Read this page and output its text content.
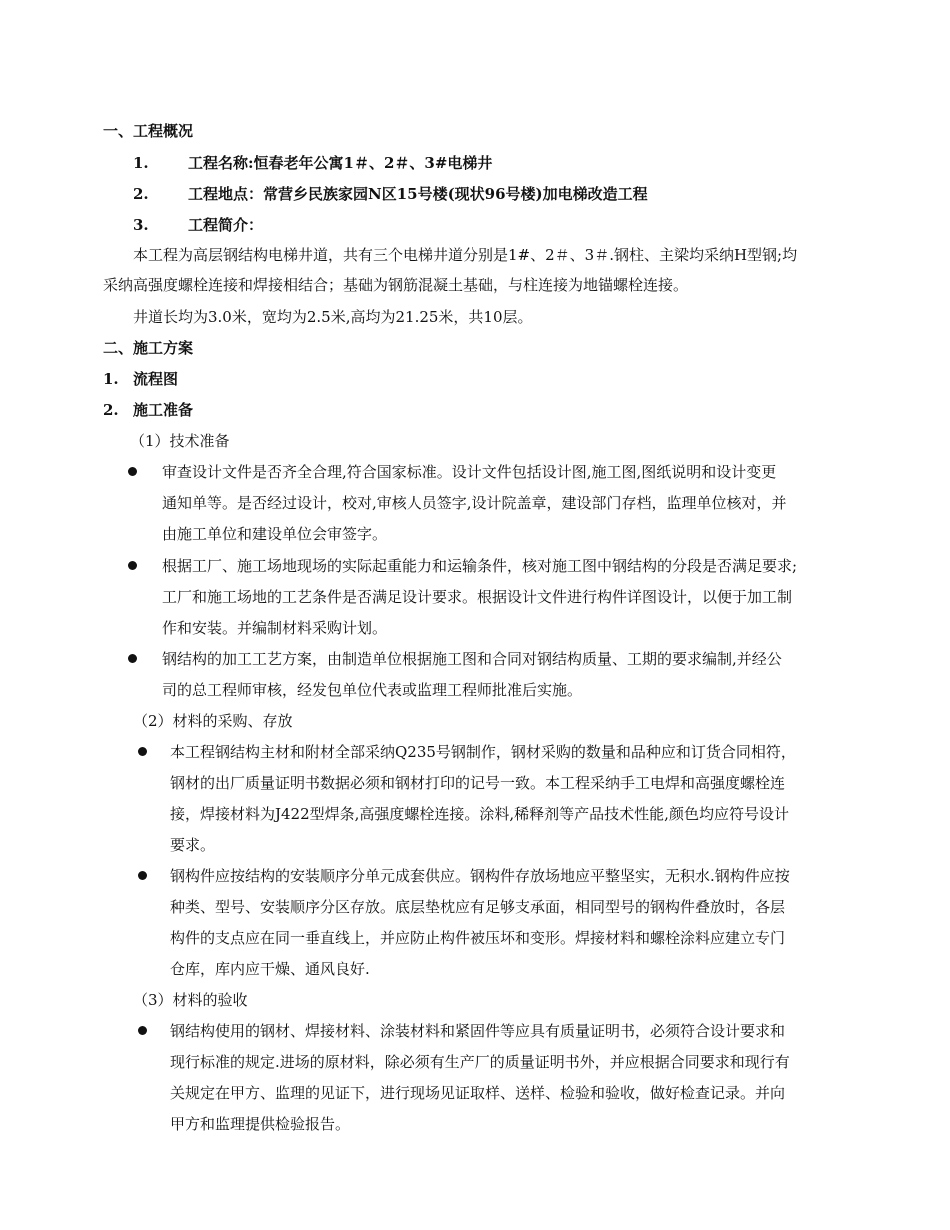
一、工程概况
1.	工程名称:恒春老年公寓1＃、2＃、3#电梯井
2.	工程地点：常营乡民族家园N区15号楼(现状96号楼)加电梯改造工程
3.	工程简介：
本工程为高层钢结构电梯井道，共有三个电梯井道分别是1#、2＃、3＃.钢柱、主梁均采纳H型钢;均
采纳高强度螺栓连接和焊接相结合；基础为钢筋混凝土基础，与柱连接为地锚螺栓连接。
井道长均为3.0米，宽均为2.5米,高均为21.25米，共10层。
二、施工方案
1. 流程图
2. 施工准备
（1）技术准备
审查设计文件是否齐全合理,符合国家标准。设计文件包括设计图,施工图,图纸说明和设计变更
通知单等。是否经过设计，校对,审核人员签字,设计院盖章，建设部门存档，监理单位核对，并
由施工单位和建设单位会审签字。
根据工厂、施工场地现场的实际起重能力和运输条件，核对施工图中钢结构的分段是否满足要求;
工厂和施工场地的工艺条件是否满足设计要求。根据设计文件进行构件详图设计，以便于加工制
作和安装。并编制材料采购计划。
钢结构的加工工艺方案，由制造单位根据施工图和合同对钢结构质量、工期的要求编制,并经公
司的总工程师审核，经发包单位代表或监理工程师批准后实施。
（2）材料的采购、存放
本工程钢结构主材和附材全部采纳Q235号钢制作，钢材采购的数量和品种应和订货合同相符，
钢材的出厂质量证明书数据必须和钢材打印的记号一致。本工程采纳手工电焊和高强度螺栓连
接，焊接材料为J422型焊条,高强度螺栓连接。涂料,稀释剂等产品技术性能,颜色均应符号设计
要求。
钢构件应按结构的安装顺序分单元成套供应。钢构件存放场地应平整坚实，无积水.钢构件应按
种类、型号、安装顺序分区存放。底层垫枕应有足够支承面，相同型号的钢构件叠放时，各层
构件的支点应在同一垂直线上，并应防止构件被压坏和变形。焊接材料和螺栓涂料应建立专门
仓库，库内应干燥、通风良好.
（3）材料的验收
钢结构使用的钢材、焊接材料、涂装材料和紧固件等应具有质量证明书，必须符合设计要求和
现行标准的规定.进场的原材料，除必须有生产厂的质量证明书外，并应根据合同要求和现行有
关规定在甲方、监理的见证下，进行现场见证取样、送样、检验和验收，做好检查记录。并向
甲方和监理提供检验报告。
